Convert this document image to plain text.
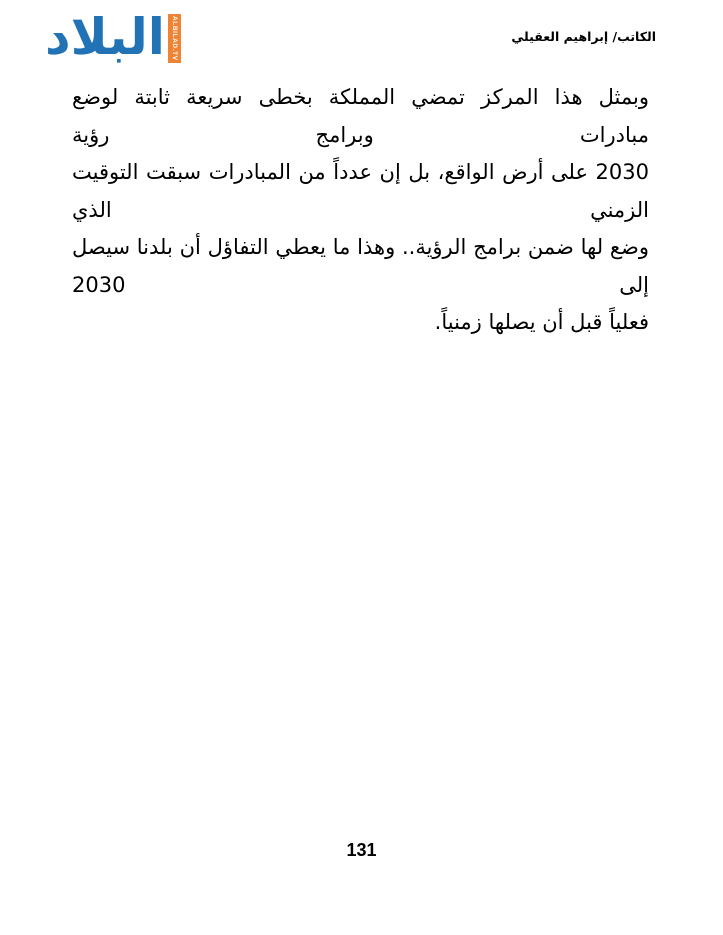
البلاد ALBILAD.TV	الكاتب/ إبراهيم العقيلي

وبمثل هذا المركز تمضي المملكة بخطى سريعة ثابتة لوضع مبادرات وبرامج رؤية

2030 على أرض الواقع، بل إن عدداً من المبادرات سبقت التوقيت الزمني الذي

وضع لها ضمن برامج الرؤية.. وهذا ما يعطي التفاؤل أن بلدنا سيصل إلى 2030

فعلياً قبل أن يصلها زمنياً.

131
